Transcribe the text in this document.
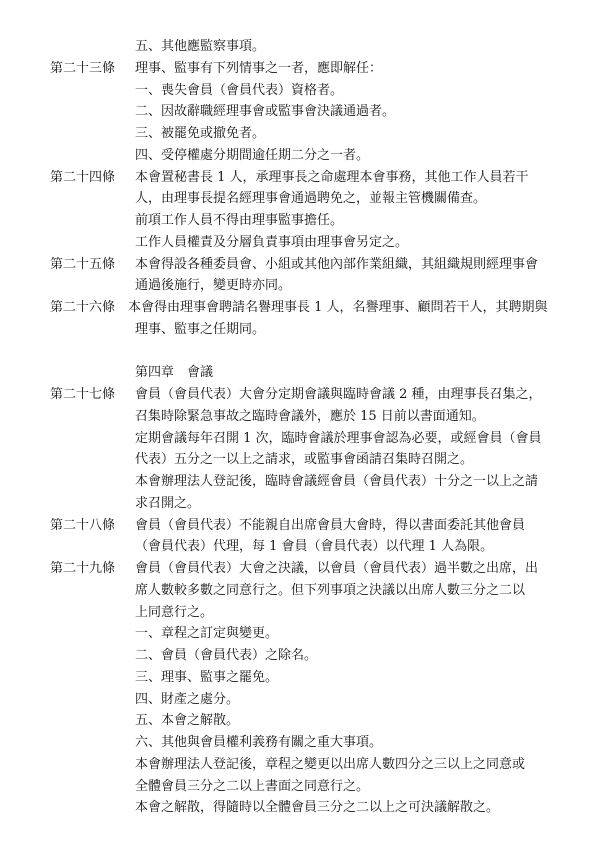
五、其他應監察事項。
第二十三條 理事、監事有下列情事之一者，應即解任：
一、喪失會員（會員代表）資格者。
二、因故辭職經理事會或監事會決議通過者。
三、被罷免或撤免者。
四、受停權處分期間逾任期二分之一者。
第二十四條 本會置秘書長 1 人，承理事長之命處理本會事務，其他工作人員若干
人，由理事長提名經理事會通過聘免之，並報主管機關備查。
前項工作人員不得由理事監事擔任。
工作人員權責及分層負責事項由理事會另定之。
第二十五條 本會得設各種委員會、小組或其他內部作業組織，其組織規則經理事會
通過後施行，變更時亦同。
第二十六條 本會得由理事會聘請名譽理事長 1 人，名譽理事、顧問若干人，其聘期與
理事、監事之任期同。
第四章　會議
第二十七條 會員（會員代表）大會分定期會議與臨時會議 2 種，由理事長召集之，
召集時除緊急事故之臨時會議外，應於 15 日前以書面通知。
定期會議每年召開 1 次，臨時會議於理事會認為必要，或經會員（會員
代表）五分之一以上之請求，或監事會函請召集時召開之。
本會辦理法人登記後，臨時會議經會員（會員代表）十分之一以上之請
求召開之。
第二十八條 會員（會員代表）不能親自出席會員大會時，得以書面委託其他會員
（會員代表）代理，每 1 會員（會員代表）以代理 1 人為限。
第二十九條 會員（會員代表）大會之決議，以會員（會員代表）過半數之出席，出
席人數較多數之同意行之。但下列事項之決議以出席人數三分之二以
上同意行之。
一、章程之訂定與變更。
二、會員（會員代表）之除名。
三、理事、監事之罷免。
四、財產之處分。
五、本會之解散。
六、其他與會員權利義務有關之重大事項。
本會辦理法人登記後，章程之變更以出席人數四分之三以上之同意或
全體會員三分之二以上書面之同意行之。
本會之解散，得隨時以全體會員三分之二以上之可決議解散之。
